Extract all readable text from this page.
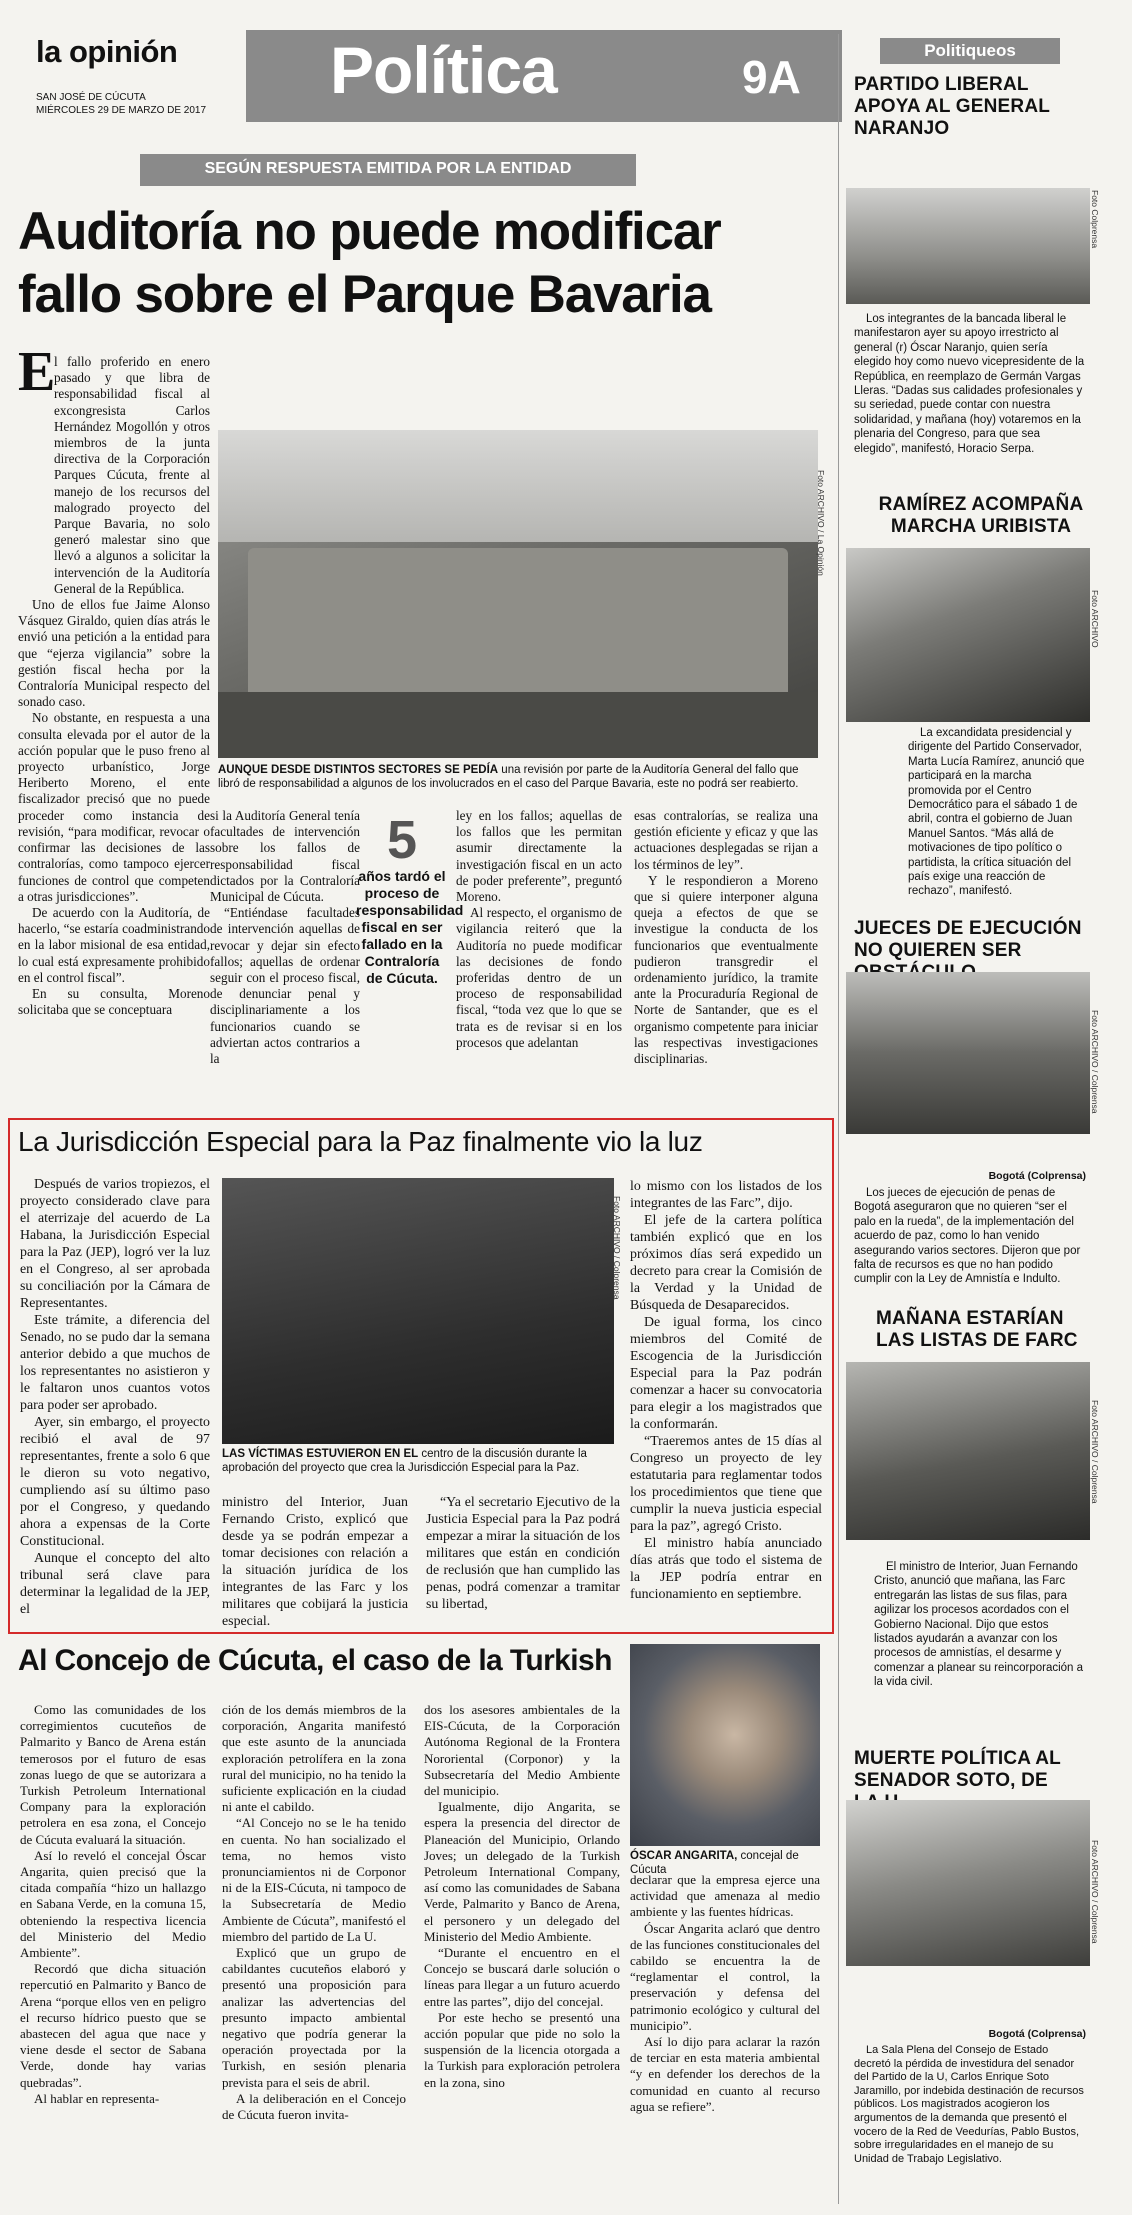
la opinión
SAN JOSÉ DE CÚCUTA
MIÉRCOLES 29 DE MARZO DE 2017
Política	9A
SEGÚN RESPUESTA EMITIDA POR LA ENTIDAD
Auditoría no puede modificar
fallo sobre el Parque Bavaria
E

l fallo proferido en enero pasado y que libra de responsabilidad fiscal al excongresista Carlos Hernández Mogollón y otros miembros de la junta directiva de la Corporación Parques Cúcuta, frente al manejo de los recursos del malogrado proyecto del Parque Bavaria, no solo generó malestar sino que llevó a algunos a solicitar la intervención de la Auditoría General de la República.

Uno de ellos fue Jaime Alonso Vásquez Giraldo, quien días atrás le envió una petición a la entidad para que “ejerza vigilancia” sobre la gestión fiscal hecha por la Contraloría Municipal respecto del sonado caso.

No obstante, en respuesta a una consulta elevada por el autor de la acción popular que le puso freno al proyecto urbanístico, Jorge Heriberto Moreno, el ente fiscalizador precisó que no puede proceder como instancia de revisión, “para modificar, revocar o confirmar las decisiones de las contralorías, como tampoco ejercer funciones de control que competen a otras jurisdicciones”.

De acuerdo con la Auditoría, de hacerlo, “se estaría coadministrando en la labor misional de esa entidad, lo cual está expresamente prohibido en el control fiscal”.

En su consulta, Moreno solicitaba que se conceptuara

Foto ARCHIVO / La Opinión
AUNQUE DESDE DISTINTOS SECTORES SE PEDÍA una revisión por parte de la Auditoría General del fallo que libró de responsabilidad a algunos de los involucrados en el caso del Parque Bavaria, este no podrá ser reabierto.

si la Auditoría General tenía facultades de intervención sobre los fallos de responsabilidad fiscal dictados por la Contraloría Municipal de Cúcuta.

“Entiéndase facultades de intervención aquellas de revocar y dejar sin efecto fallos; aquellas de ordenar seguir con el proceso fiscal, de denunciar penal y disciplinariamente a los funcionarios cuando se adviertan actos contrarios a la

5
años tardó el proceso de responsabilidad fiscal en ser fallado en la Contraloría de Cúcuta.

ley en los fallos; aquellas de los fallos que les permitan asumir directamente la investigación fiscal en un acto de poder preferente”, preguntó Moreno.

Al respecto, el organismo de vigilancia reiteró que la Auditoría no puede modificar las decisiones de fondo proferidas dentro de un proceso de responsabilidad fiscal, “toda vez que lo que se trata es de revisar si en los procesos que adelantan

esas contralorías, se realiza una gestión eficiente y eficaz y que las actuaciones desplegadas se rijan a los términos de ley”.

Y le respondieron a Moreno que si quiere interponer alguna queja a efectos de que se investigue la conducta de los funcionarios que eventualmente pudieron transgredir el ordenamiento jurídico, la tramite ante la Procuraduría Regional de Norte de Santander, que es el organismo competente para iniciar las respectivas investigaciones disciplinarias.

La Jurisdicción Especial para la Paz finalmente vio la luz

Después de varios tropiezos, el proyecto considerado clave para el aterrizaje del acuerdo de La Habana, la Jurisdicción Especial para la Paz (JEP), logró ver la luz en el Congreso, al ser aprobada su conciliación por la Cámara de Representantes.

Este trámite, a diferencia del Senado, no se pudo dar la semana anterior debido a que muchos de los representantes no asistieron y le faltaron unos cuantos votos para poder ser aprobado.

Ayer, sin embargo, el proyecto recibió el aval de 97 representantes, frente a solo 6 que le dieron su voto negativo, cumpliendo así su último paso por el Congreso, y quedando ahora a expensas de la Corte Constitucional.

Aunque el concepto del alto tribunal será clave para determinar la legalidad de la JEP, el

Foto ARCHIVO / Colprensa
LAS VÍCTIMAS ESTUVIERON EN EL centro de la discusión durante la aprobación del proyecto que crea la Jurisdicción Especial para la Paz.

ministro del Interior, Juan Fernando Cristo, explicó que desde ya se podrán empezar a tomar decisiones con relación a la situación jurídica de los integrantes de las Farc y los militares que cobijará la justicia especial.

“Ya el secretario Ejecutivo de la Justicia Especial para la Paz podrá empezar a mirar la situación de los militares que están en condición de reclusión que han cumplido las penas, podrá comenzar a tramitar su libertad,

lo mismo con los listados de los integrantes de las Farc”, dijo.

El jefe de la cartera política también explicó que en los próximos días será expedido un decreto para crear la Comisión de la Verdad y la Unidad de Búsqueda de Desaparecidos.

De igual forma, los cinco miembros del Comité de Escogencia de la Jurisdicción Especial para la Paz podrán comenzar a hacer su convocatoria para elegir a los magistrados que la conformarán.

“Traeremos antes de 15 días al Congreso un proyecto de ley estatutaria para reglamentar todos los procedimientos que tiene que cumplir la nueva justicia especial para la paz”, agregó Cristo.

El ministro había anunciado días atrás que todo el sistema de la JEP podría entrar en funcionamiento en septiembre.

Al Concejo de Cúcuta, el caso de la Turkish

Como las comunidades de los corregimientos cucuteños de Palmarito y Banco de Arena están temerosos por el futuro de esas zonas luego de que se autorizara a Turkish Petroleum International Company para la exploración petrolera en esa zona, el Concejo de Cúcuta evaluará la situación.

Así lo reveló el concejal Óscar Angarita, quien precisó que la citada compañía “hizo un hallazgo en Sabana Verde, en la comuna 15, obteniendo la respectiva licencia del Ministerio del Medio Ambiente”.

Recordó que dicha situación repercutió en Palmarito y Banco de Arena “porque ellos ven en peligro el recurso hídrico puesto que se abastecen del agua que nace y viene desde el sector de Sabana Verde, donde hay varias quebradas”.

Al hablar en representa-

ción de los demás miembros de la corporación, Angarita manifestó que este asunto de la anunciada exploración petrolífera en la zona rural del municipio, no ha tenido la suficiente explicación en la ciudad ni ante el cabildo.

“Al Concejo no se le ha tenido en cuenta. No han socializado el tema, no hemos visto pronunciamientos ni de Corponor ni de la EIS-Cúcuta, ni tampoco de la Subsecretaría de Medio Ambiente de Cúcuta”, manifestó el miembro del partido de La U.

Explicó que un grupo de cabildantes cucuteños elaboró y presentó una proposición para analizar las advertencias del presunto impacto ambiental negativo que podría generar la operación proyectada por la Turkish, en sesión plenaria prevista para el seis de abril.

A la deliberación en el Concejo de Cúcuta fueron invita-

dos los asesores ambientales de la EIS-Cúcuta, de la Corporación Autónoma Regional de la Frontera Nororiental (Corponor) y la Subsecretaría del Medio Ambiente del municipio.

Igualmente, dijo Angarita, se espera la presencia del director de Planeación del Municipio, Orlando Joves; un delegado de la Turkish Petroleum International Company, así como las comunidades de Sabana Verde, Palmarito y Banco de Arena, el personero y un delegado del Ministerio del Medio Ambiente.

“Durante el encuentro en el Concejo se buscará darle solución o líneas para llegar a un futuro acuerdo entre las partes”, dijo del concejal.

Por este hecho se presentó una acción popular que pide no solo la suspensión de la licencia otorgada a la Turkish para exploración petrolera en la zona, sino

ÓSCAR ANGARITA, concejal de Cúcuta

declarar que la empresa ejerce una actividad que amenaza al medio ambiente y las fuentes hídricas.

Óscar Angarita aclaró que dentro de las funciones constitucionales del cabildo se encuentra la de “reglamentar el control, la preservación y defensa del patrimonio ecológico y cultural del municipio”.

Así lo dijo para aclarar la razón de terciar en esta materia ambiental “y en defender los derechos de la comunidad en cuanto al recurso agua se refiere”.

Politiqueos
PARTIDO LIBERAL APOYA AL GENERAL NARANJO
Foto Colprensa

Los integrantes de la bancada liberal le manifestaron ayer su apoyo irrestricto al general (r) Óscar Naranjo, quien sería elegido hoy como nuevo vicepresidente de la República, en reemplazo de Germán Vargas Lleras. “Dadas sus calidades profesionales y su seriedad, puede contar con nuestra solidaridad, y mañana (hoy) votaremos en la plenaria del Congreso, para que sea elegido”, manifestó, Horacio Serpa.

RAMÍREZ ACOMPAÑA MARCHA URIBISTA
Foto ARCHIVO

La excandidata presidencial y dirigente del Partido Conservador, Marta Lucía Ramírez, anunció que participará en la marcha promovida por el Centro Democrático para el sábado 1 de abril, contra el gobierno de Juan Manuel Santos. “Más allá de motivaciones de tipo político o partidista, la crítica situación del país exige una reacción de rechazo”, manifestó.

JUECES DE EJECUCIÓN NO QUIEREN SER
Foto ARCHIVO / Colprensa
Bogotá (Colprensa)

Los jueces de ejecución de penas de Bogotá aseguraron que no quieren “ser el palo en la rueda”, de la implementación del acuerdo de paz, como lo han venido asegurando varios sectores. Dijeron que por falta de recursos es que no han podido cumplir con la Ley de Amnistía e Indulto.

MAÑANA ESTARÍAN LAS LISTAS DE FARC
Foto ARCHIVO / Colprensa

El ministro de Interior, Juan Fernando Cristo, anunció que mañana, las Farc entregarán las listas de sus filas, para agilizar los procesos acordados con el Gobierno Nacional. Dijo que estos listados ayudarán a avanzar con los procesos de amnistías, el desarme y comenzar a planear su reincorporación a la vida civil.

MUERTE POLÍTICA AL SENADOR SOTO, DE
Foto ARCHIVO / Colprensa
Bogotá (Colprensa)

La Sala Plena del Consejo de Estado decretó la pérdida de investidura del senador del Partido de la U, Carlos Enrique Soto Jaramillo, por indebida destinación de recursos públicos. Los magistrados acogieron los argumentos de la demanda que presentó el vocero de la Red de Veedurías, Pablo Bustos, sobre irregularidades en el manejo de su Unidad de Trabajo Legislativo.
